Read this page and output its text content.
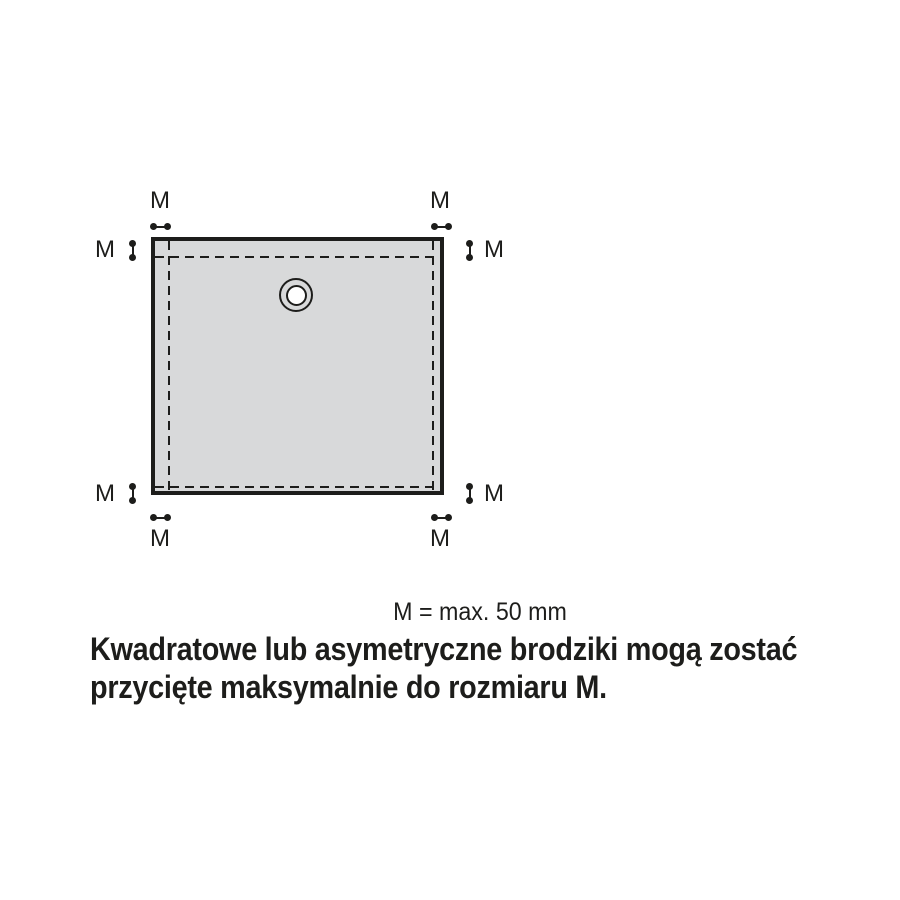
M	M
M	M
M
M
M
M
M = max. 50 mm
Kwadratowe lub asymetryczne brodziki mogą zostać
przycięte maksymalnie do rozmiaru M.
